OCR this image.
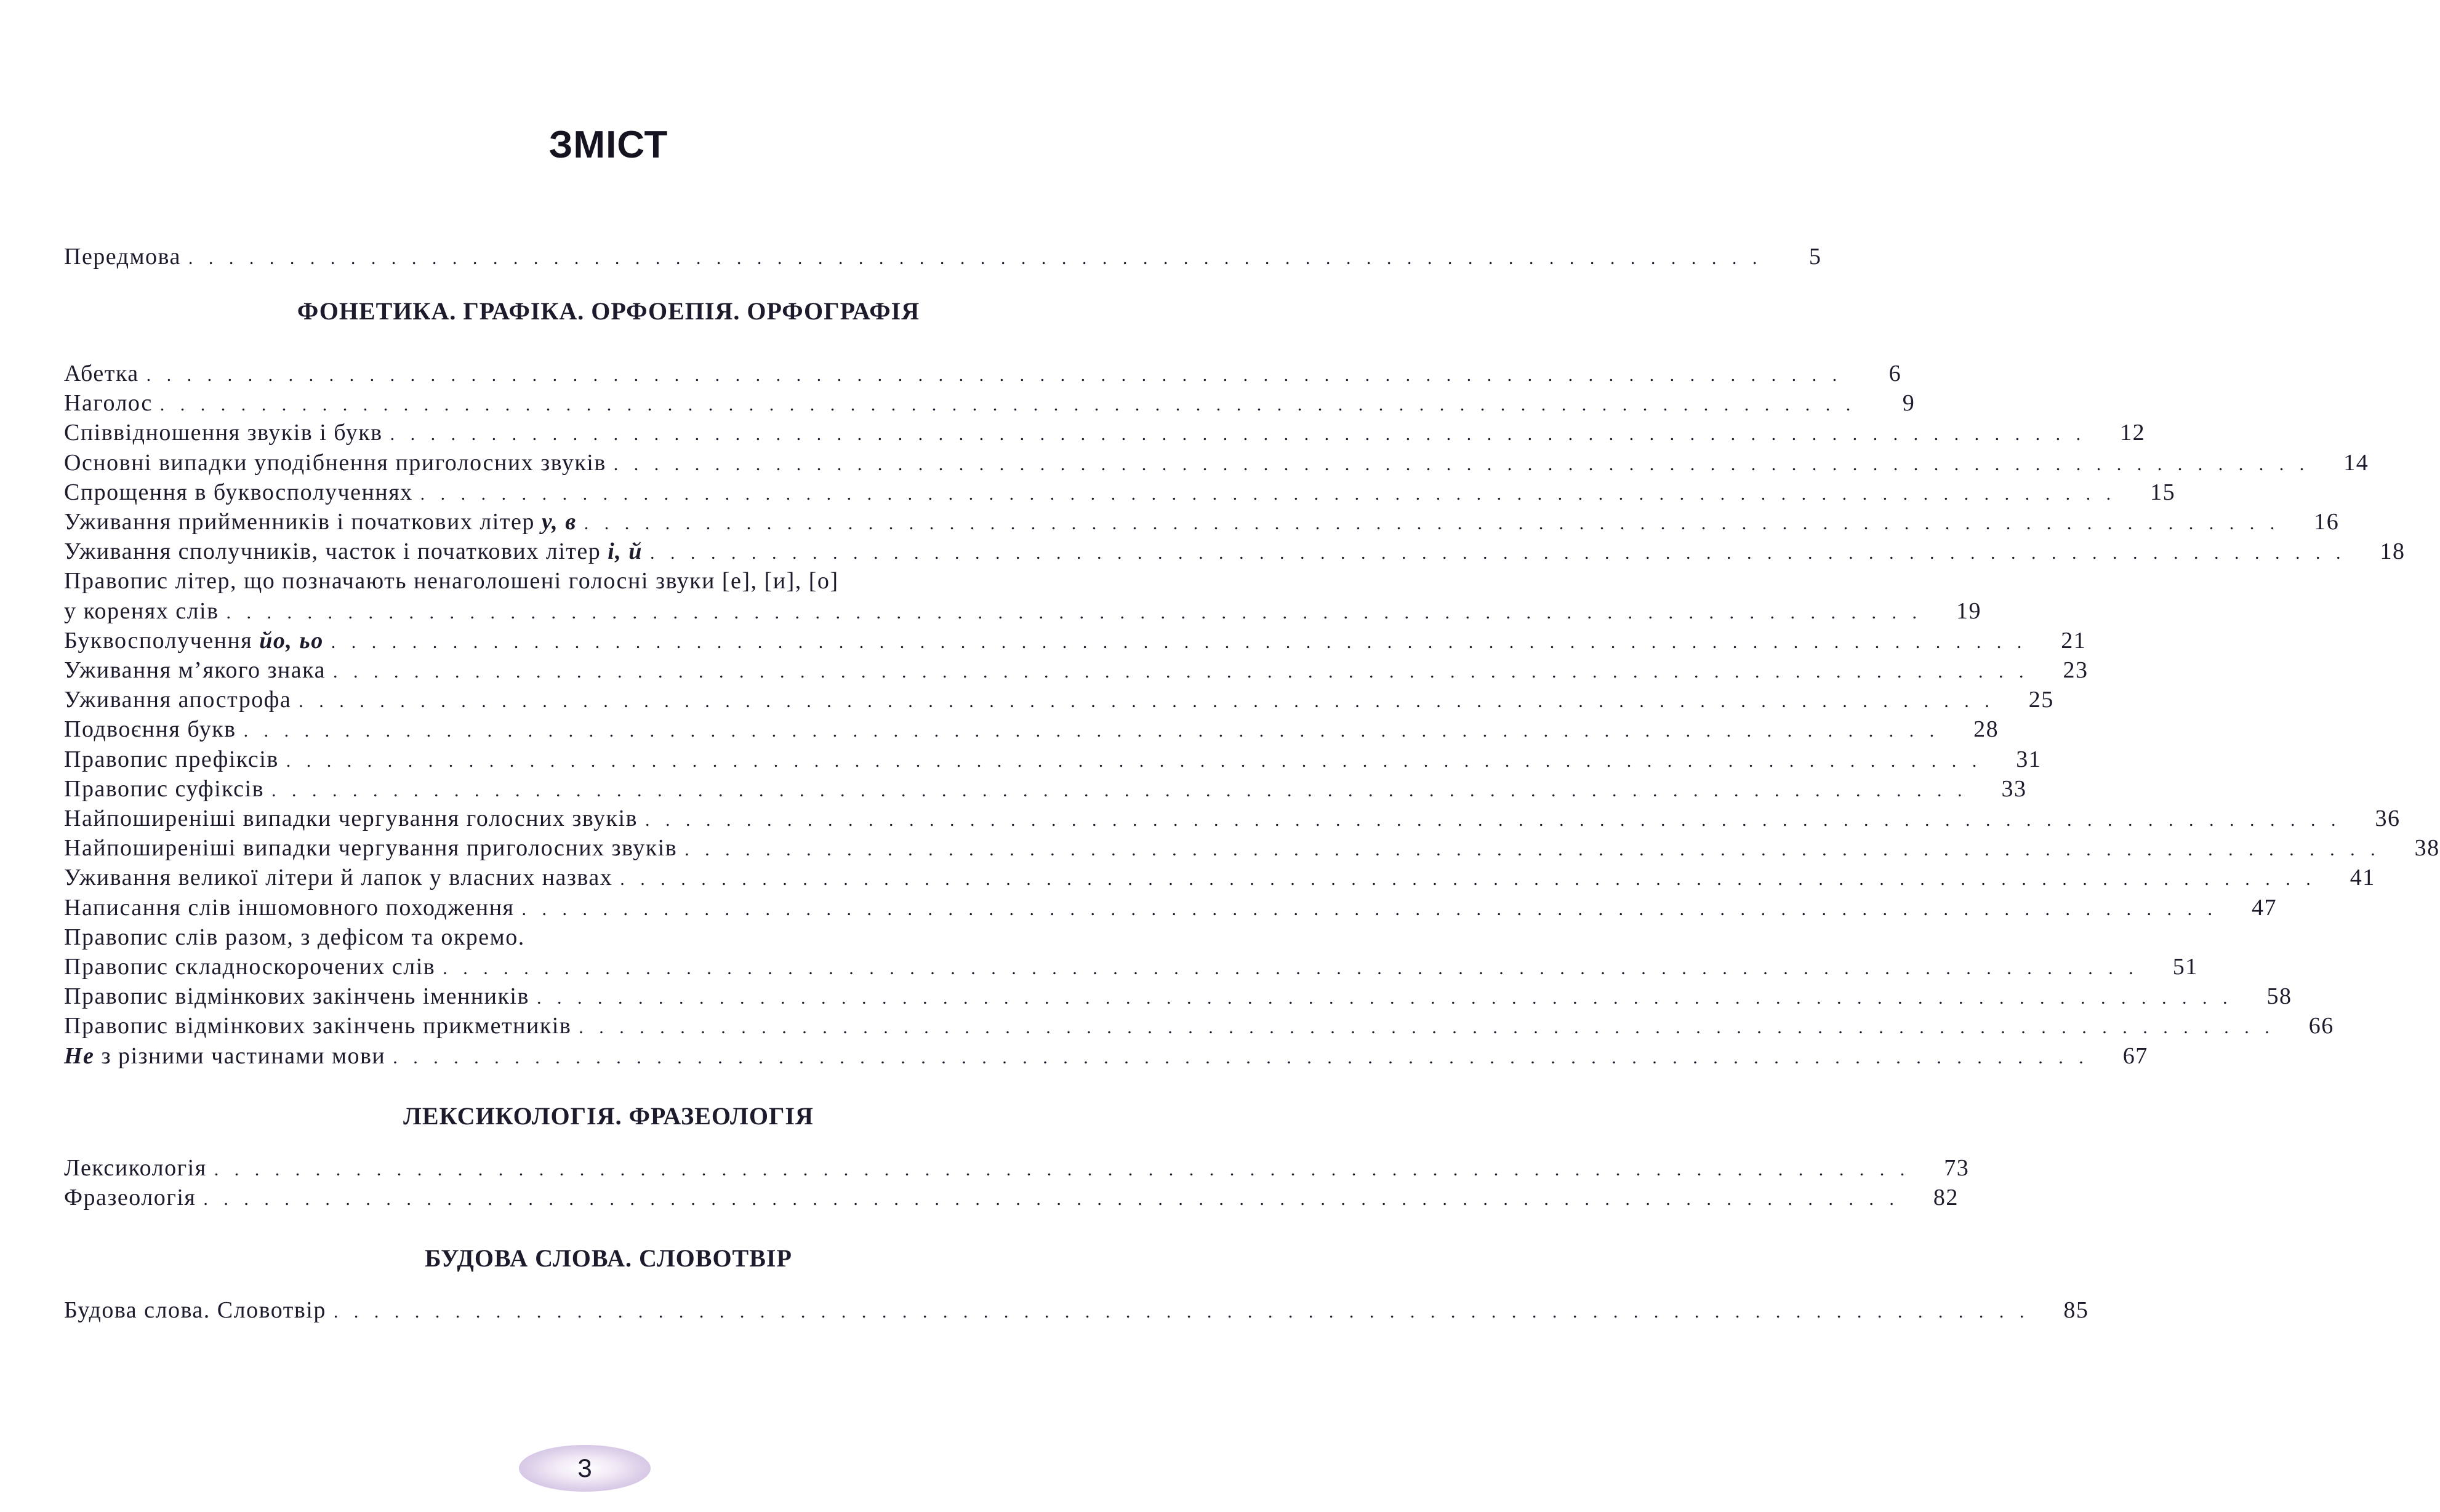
ЗМІСТ
Передмова . . . . . . . . . . . . . . . . . . . . . . . . . . . . . . . . . . . . . . . . . . . . . . . . . . . . . . . . . . . . . . . . . . . . . . . . . . . . . .	5
ФОНЕТИКА. ГРАФІКА. ОРФОЕПІЯ. ОРФОГРАФІЯ
Абетка . . . . . . . . . . . . . . . . . . . . . . . . . . . . . . . . . . . . . . . . . . . . . . . . . . . . . . . . . . . . . . . . . . . . . . . . . . . . . . . . . . . .	6
Наголос . . . . . . . . . . . . . . . . . . . . . . . . . . . . . . . . . . . . . . . . . . . . . . . . . . . . . . . . . . . . . . . . . . . . . . . . . . . . . . . . . . . .	9
Співвідношення звуків і букв . . . . . . . . . . . . . . . . . . . . . . . . . . . . . . . . . . . . . . . . . . . . . . . . . . . . . . . . . . . . . . . . . . . . . . . . . . . . . . . . . . . .	12
Основні випадки уподібнення приголосних звуків . . . . . . . . . . . . . . . . . . . . . . . . . . . . . . . . . . . . . . . . . . . . . . . . . . . . . . . . . . . . . . . . . . . . . . . . . . . . . . . . . . . .	14
Спрощення в буквосполученнях . . . . . . . . . . . . . . . . . . . . . . . . . . . . . . . . . . . . . . . . . . . . . . . . . . . . . . . . . . . . . . . . . . . . . . . . . . . . . . . . . . . .	15
Уживання прийменників і початкових літер у, в . . . . . . . . . . . . . . . . . . . . . . . . . . . . . . . . . . . . . . . . . . . . . . . . . . . . . . . . . . . . . . . . . . . . . . . . . . . . . . . . . . . .	16
Уживання сполучників, часток і початкових літер і, й . . . . . . . . . . . . . . . . . . . . . . . . . . . . . . . . . . . . . . . . . . . . . . . . . . . . . . . . . . . . . . . . . . . . . . . . . . . . . . . . . . . .	18
Правопис літер, що позначають ненаголошені голосні звуки [е], [и], [о]
у коренях слів . . . . . . . . . . . . . . . . . . . . . . . . . . . . . . . . . . . . . . . . . . . . . . . . . . . . . . . . . . . . . . . . . . . . . . . . . . . . . . . . . . . .	19
Буквосполучення йо, ьо . . . . . . . . . . . . . . . . . . . . . . . . . . . . . . . . . . . . . . . . . . . . . . . . . . . . . . . . . . . . . . . . . . . . . . . . . . . . . . . . . . . .	21
Уживання м’якого знака . . . . . . . . . . . . . . . . . . . . . . . . . . . . . . . . . . . . . . . . . . . . . . . . . . . . . . . . . . . . . . . . . . . . . . . . . . . . . . . . . . . .	23
Уживання апострофа . . . . . . . . . . . . . . . . . . . . . . . . . . . . . . . . . . . . . . . . . . . . . . . . . . . . . . . . . . . . . . . . . . . . . . . . . . . . . . . . . . . .	25
Подвоєння букв . . . . . . . . . . . . . . . . . . . . . . . . . . . . . . . . . . . . . . . . . . . . . . . . . . . . . . . . . . . . . . . . . . . . . . . . . . . . . . . . . . . .	28
Правопис префіксів . . . . . . . . . . . . . . . . . . . . . . . . . . . . . . . . . . . . . . . . . . . . . . . . . . . . . . . . . . . . . . . . . . . . . . . . . . . . . . . . . . . .	31
Правопис суфіксів . . . . . . . . . . . . . . . . . . . . . . . . . . . . . . . . . . . . . . . . . . . . . . . . . . . . . . . . . . . . . . . . . . . . . . . . . . . . . . . . . . . .	33
Найпоширеніші випадки чергування голосних звуків . . . . . . . . . . . . . . . . . . . . . . . . . . . . . . . . . . . . . . . . . . . . . . . . . . . . . . . . . . . . . . . . . . . . . . . . . . . . . . . . . . . .	36
Найпоширеніші випадки чергування приголосних звуків . . . . . . . . . . . . . . . . . . . . . . . . . . . . . . . . . . . . . . . . . . . . . . . . . . . . . . . . . . . . . . . . . . . . . . . . . . . . . . . . . . . .	38
Уживання великої літери й лапок у власних назвах . . . . . . . . . . . . . . . . . . . . . . . . . . . . . . . . . . . . . . . . . . . . . . . . . . . . . . . . . . . . . . . . . . . . . . . . . . . . . . . . . . . .	41
Написання слів іншомовного походження . . . . . . . . . . . . . . . . . . . . . . . . . . . . . . . . . . . . . . . . . . . . . . . . . . . . . . . . . . . . . . . . . . . . . . . . . . . . . . . . . . . .	47
Правопис слів разом, з дефісом та окремо.
Правопис складноскорочених слів . . . . . . . . . . . . . . . . . . . . . . . . . . . . . . . . . . . . . . . . . . . . . . . . . . . . . . . . . . . . . . . . . . . . . . . . . . . . . . . . . . . .	51
Правопис відмінкових закінчень іменників . . . . . . . . . . . . . . . . . . . . . . . . . . . . . . . . . . . . . . . . . . . . . . . . . . . . . . . . . . . . . . . . . . . . . . . . . . . . . . . . . . . .	58
Правопис відмінкових закінчень прикметників . . . . . . . . . . . . . . . . . . . . . . . . . . . . . . . . . . . . . . . . . . . . . . . . . . . . . . . . . . . . . . . . . . . . . . . . . . . . . . . . . . . .	66
Не з різними частинами мови . . . . . . . . . . . . . . . . . . . . . . . . . . . . . . . . . . . . . . . . . . . . . . . . . . . . . . . . . . . . . . . . . . . . . . . . . . . . . . . . . . . .	67
ЛЕКСИКОЛОГІЯ. ФРАЗЕОЛОГІЯ
Лексикологія . . . . . . . . . . . . . . . . . . . . . . . . . . . . . . . . . . . . . . . . . . . . . . . . . . . . . . . . . . . . . . . . . . . . . . . . . . . . . . . . . . . .	73
Фразеологія . . . . . . . . . . . . . . . . . . . . . . . . . . . . . . . . . . . . . . . . . . . . . . . . . . . . . . . . . . . . . . . . . . . . . . . . . . . . . . . . . . . .	82
БУДОВА СЛОВА. СЛОВОТВІР
Будова слова. Словотвір . . . . . . . . . . . . . . . . . . . . . . . . . . . . . . . . . . . . . . . . . . . . . . . . . . . . . . . . . . . . . . . . . . . . . . . . . . . . . . . . . . . .	85
3
